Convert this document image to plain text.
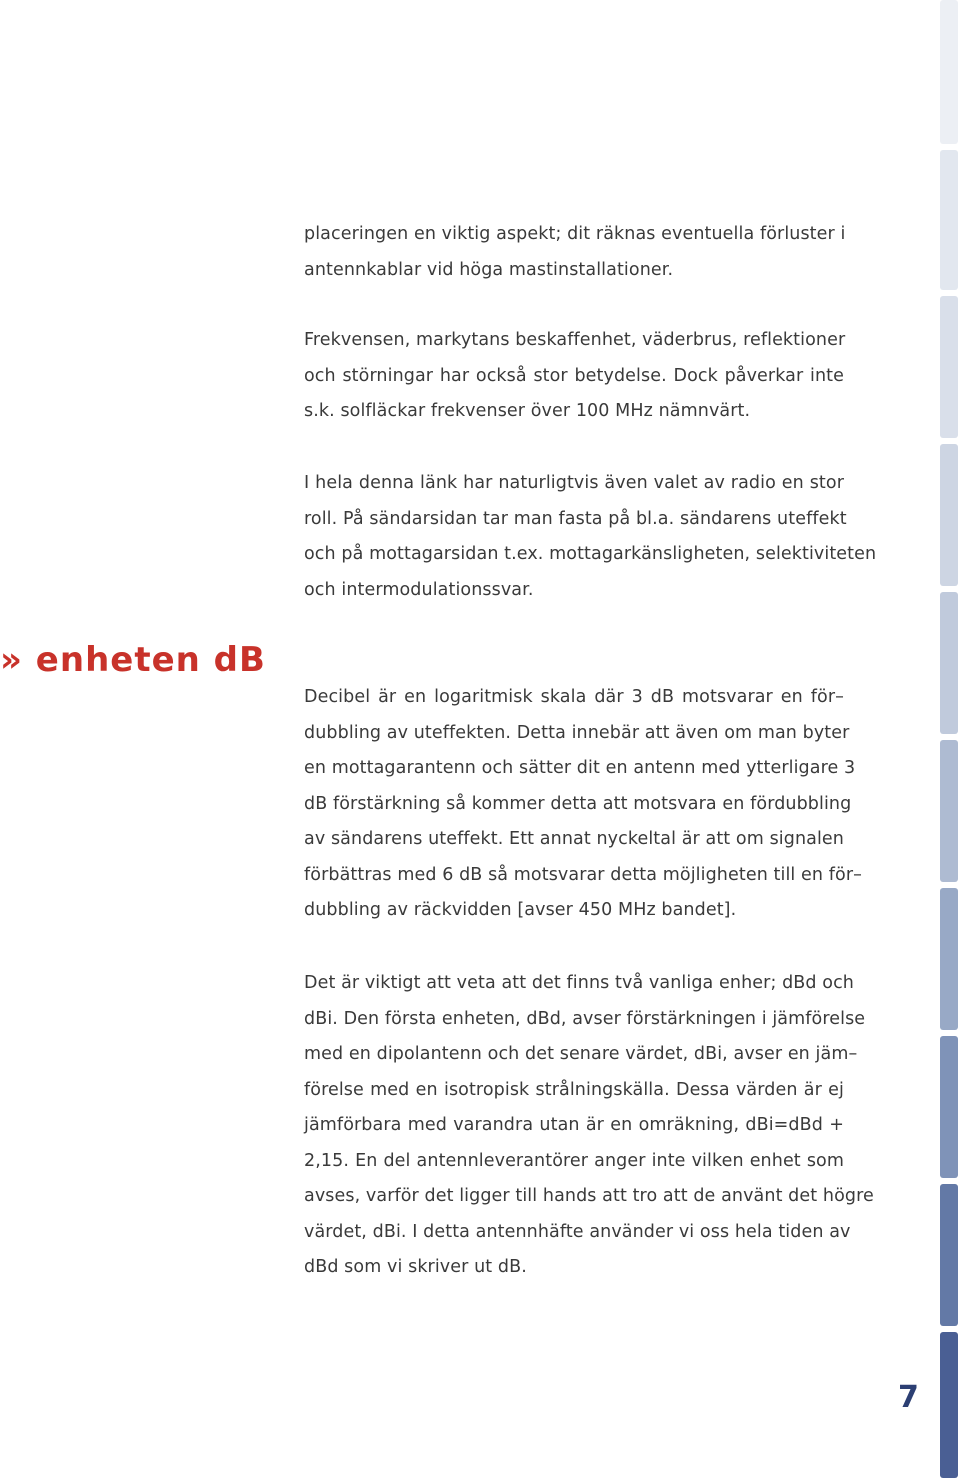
placeringen en viktig aspekt; dit räknas eventuella förluster i
antennkablar vid höga mastinstallationer.
Frekvensen, markytans beskaffenhet, väderbrus, reflektioner
och störningar har också stor betydelse. Dock påverkar inte
s.k. solfläckar frekvenser över 100 MHz nämnvärt.
I hela denna länk har naturligtvis även valet av radio en stor
roll. På sändarsidan tar man fasta på bl.a. sändarens uteffekt
och på mottagarsidan t.ex. mottagarkänsligheten, selektiviteten
och intermodulationssvar.
» enheten dB
Decibel är en logaritmisk skala där 3 dB motsvarar en för–
dubbling av uteffekten. Detta innebär att även om man byter
en mottagarantenn och sätter dit en antenn med ytterligare 3
dB förstärkning så kommer detta att motsvara en fördubbling
av sändarens uteffekt. Ett annat nyckeltal är att om signalen
förbättras med 6 dB så motsvarar detta möjligheten till en för–
dubbling av räckvidden [avser 450 MHz bandet].
Det är viktigt att veta att det finns två vanliga enher; dBd och
dBi. Den första enheten, dBd, avser förstärkningen i jämförelse
med en dipolantenn och det senare värdet, dBi, avser en jäm–
förelse med en isotropisk strålningskälla. Dessa värden är ej
jämförbara med varandra utan är en omräkning, dBi=dBd +
2,15. En del antennleverantörer anger inte vilken enhet som
avses, varför det ligger till hands att tro att de använt det högre
värdet, dBi. I detta antennhäfte använder vi oss hela tiden av
dBd som vi skriver ut dB.
7
